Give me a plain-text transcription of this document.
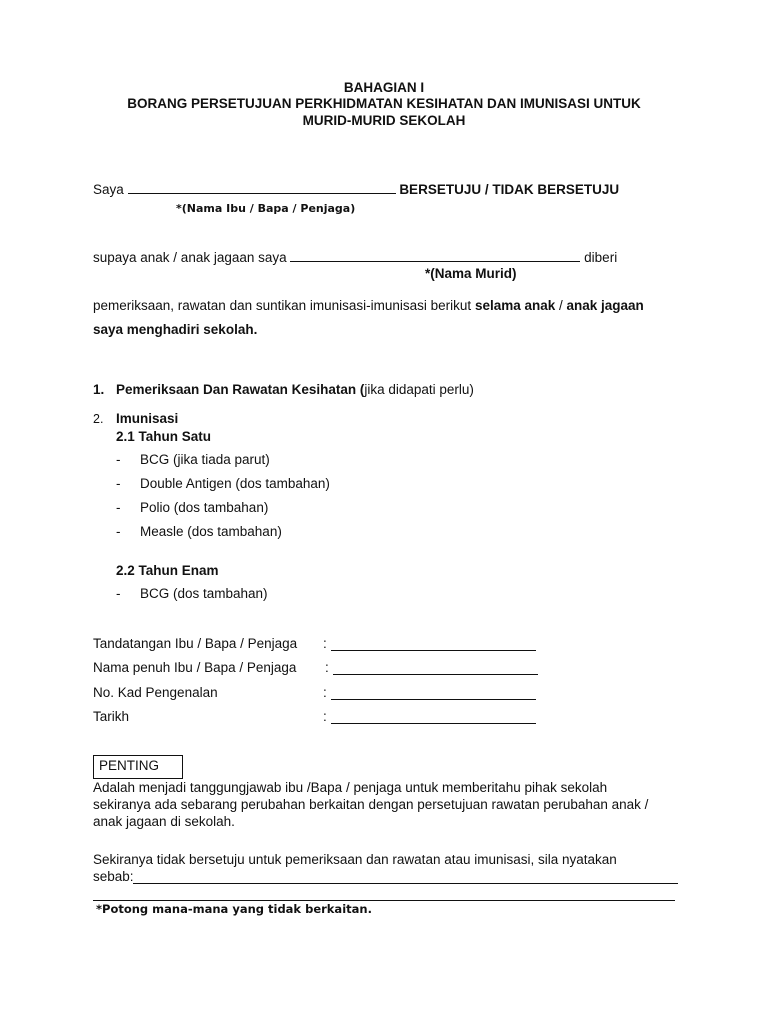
BAHAGIAN I
BORANG PERSETUJUAN PERKHIDMATAN KESIHATAN DAN IMUNISASI UNTUK
MURID-MURID SEKOLAH
Saya	BERSETUJU / TIDAK BERSETUJU
*(Nama Ibu / Bapa / Penjaga)
supaya anak / anak jagaan saya	diberi
*(Nama Murid)
pemeriksaan, rawatan dan suntikan imunisasi-imunisasi berikut selama anak / anak jagaan
saya menghadiri sekolah.
1. Pemeriksaan Dan Rawatan Kesihatan (jika didapati perlu)
2. Imunisasi
2.1 Tahun Satu
- BCG (jika tiada parut)
- Double Antigen (dos tambahan)
- Polio (dos tambahan)
- Measle (dos tambahan)
2.2 Tahun Enam
- BCG (dos tambahan)
Tandatangan Ibu / Bapa / Penjaga :
Nama penuh Ibu / Bapa / Penjaga :
No. Kad Pengenalan	:
Tarikh	:
PENTING
Adalah menjadi tanggungjawab ibu /Bapa / penjaga untuk memberitahu pihak sekolah
sekiranya ada sebarang perubahan berkaitan dengan persetujuan rawatan perubahan anak /
anak jagaan di sekolah.
Sekiranya tidak bersetuju untuk pemeriksaan dan rawatan atau imunisasi, sila nyatakan
sebab:
*Potong mana-mana yang tidak berkaitan.
